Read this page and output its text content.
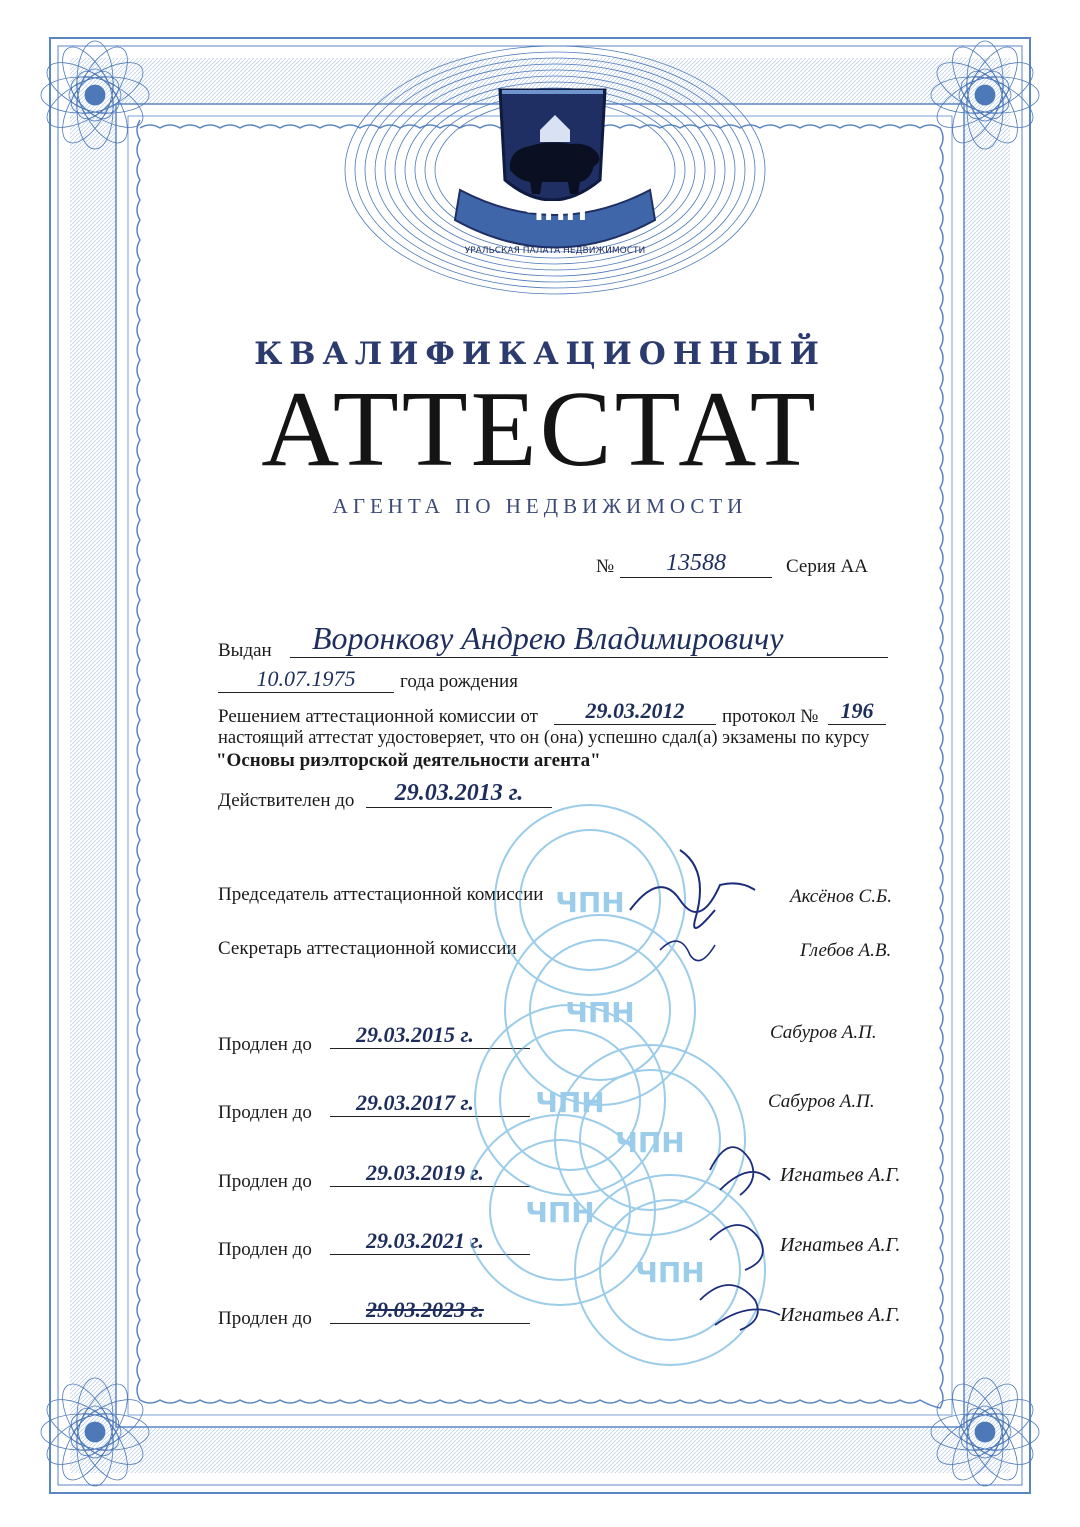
ЧПН
УРАЛЬСКАЯ ПАЛАТА НЕДВИЖИМОСТИ
КВАЛИФИКАЦИОННЫЙ
АТТЕСТАТ
АГЕНТА ПО НЕДВИЖИМОСТИ
№	13588	Серия АА
Выдан	Воронкову Андрею Владимировичу
10.07.1975	года рождения
Решением аттестационной комиссии от	29.03.2012	протокол №	196
настоящий аттестат удостоверяет, что он (она) успешно сдал(а) экзамены по курсу
"Основы риэлторской деятельности агента"
Действителен до	29.03.2013 г.
Председатель аттестационной комиссии	Аксёнов С.Б.
Секретарь аттестационной комиссии	Глебов А.В.
Продлен до	29.03.2015 г.	Сабуров А.П.
Продлен до	29.03.2017 г.	Сабуров А.П.
Продлен до	29.03.2019 г.	Игнатьев А.Г.
Продлен до	29.03.2021 г.	Игнатьев А.Г.
Продлен до	29.03.2023 г.	Игнатьев А.Г.
ЧПН
ЧПН
ЧПН
ЧПН
ЧПН
ЧПН
